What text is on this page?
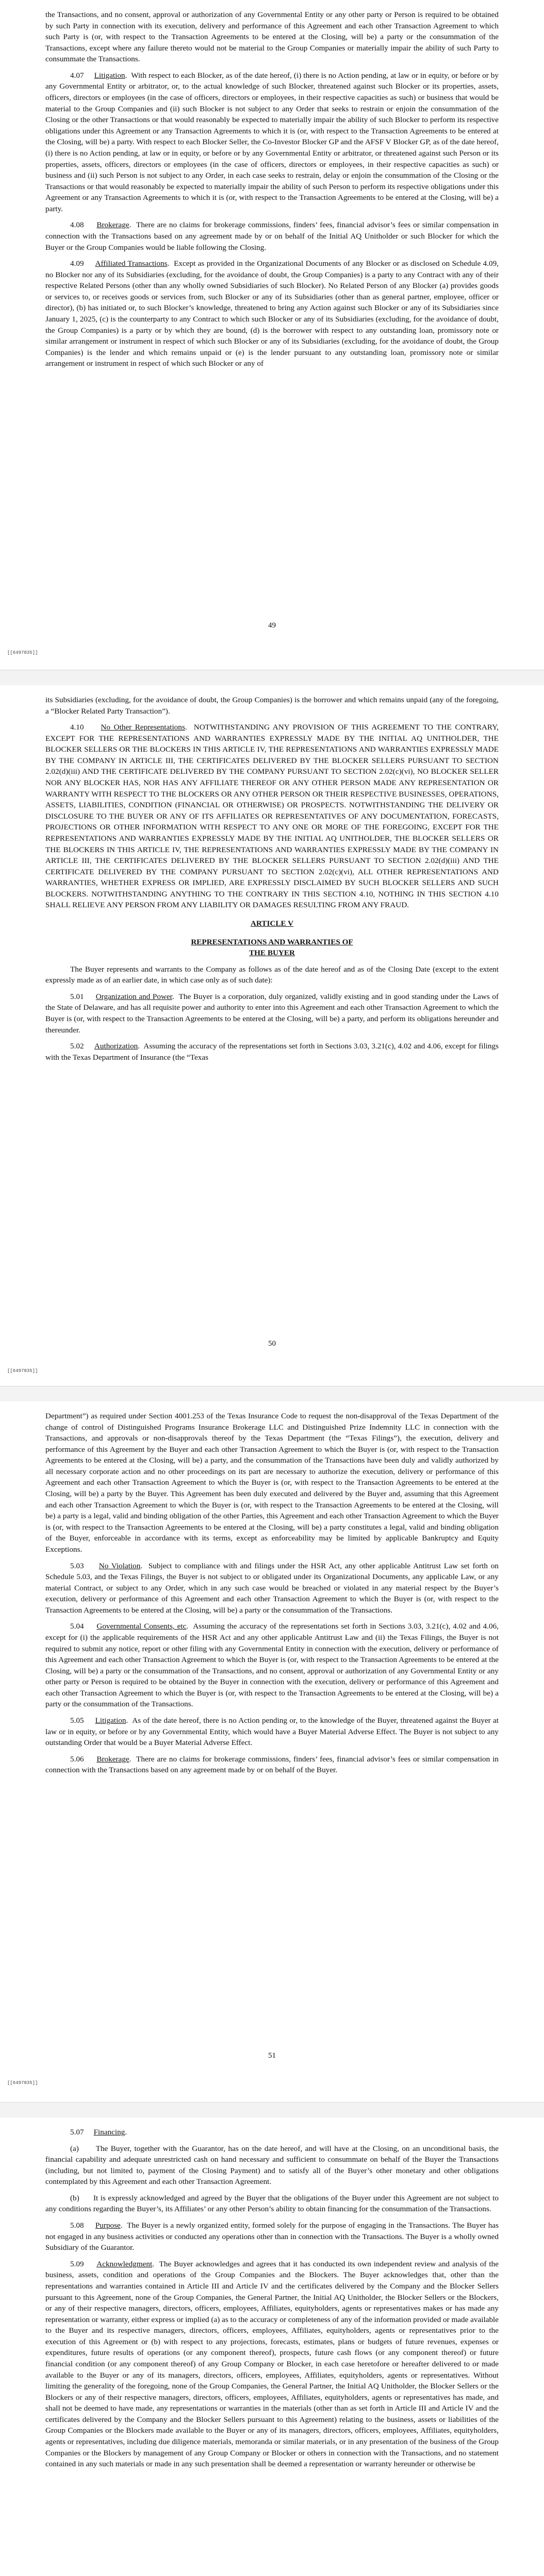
the Transactions, and no consent, approval or authorization of any Governmental Entity or any other party or Person is required to be obtained by such Party in connection with its execution, delivery and performance of this Agreement and each other Transaction Agreement to which such Party is (or, with respect to the Transaction Agreements to be entered at the Closing, will be) a party or the consummation of the Transactions, except where any failure thereto would not be material to the Group Companies or materially impair the ability of such Party to consummate the Transactions.

4.07 Litigation.  With respect to each Blocker, as of the date hereof, (i) there is no Action pending, at law or in equity, or before or by any Governmental Entity or arbitrator, or, to the actual knowledge of such Blocker, threatened against such Blocker or its properties, assets, officers, directors or employees (in the case of officers, directors or employees, in their respective capacities as such) or business that would be material to the Group Companies and (ii) such Blocker is not subject to any Order that seeks to restrain or enjoin the consummation of the Closing or the other Transactions or that would reasonably be expected to materially impair the ability of such Blocker to perform its respective obligations under this Agreement or any Transaction Agreements to which it is (or, with respect to the Transaction Agreements to be entered at the Closing, will be) a party. With respect to each Blocker Seller, the Co-Investor Blocker GP and the AFSF V Blocker GP, as of the date hereof, (i) there is no Action pending, at law or in equity, or before or by any Governmental Entity or arbitrator, or threatened against such Person or its properties, assets, officers, directors or employees (in the case of officers, directors or employees, in their respective capacities as such) or business and (ii) such Person is not subject to any Order, in each case seeks to restrain, delay or enjoin the consummation of the Closing or the Transactions or that would reasonably be expected to materially impair the ability of such Person to perform its respective obligations under this Agreement or any Transaction Agreements to which it is (or, with respect to the Transaction Agreements to be entered at the Closing, will be) a party.

4.08 Brokerage.  There are no claims for brokerage commissions, finders’ fees, financial advisor’s fees or similar compensation in connection with the Transactions based on any agreement made by or on behalf of the Initial AQ Unitholder or such Blocker for which the Buyer or the Group Companies would be liable following the Closing.

4.09 Affiliated Transactions.  Except as provided in the Organizational Documents of any Blocker or as disclosed on Schedule 4.09, no Blocker nor any of its Subsidiaries (excluding, for the avoidance of doubt, the Group Companies) is a party to any Contract with any of their respective Related Persons (other than any wholly owned Subsidiaries of such Blocker). No Related Person of any Blocker (a) provides goods or services to, or receives goods or services from, such Blocker or any of its Subsidiaries (other than as general partner, employee, officer or director), (b) has initiated or, to such Blocker’s knowledge, threatened to bring any Action against such Blocker or any of its Subsidiaries since January 1, 2025, (c) is the counterparty to any Contract to which such Blocker or any of its Subsidiaries (excluding, for the avoidance of doubt, the Group Companies) is a party or by which they are bound, (d) is the borrower with respect to any outstanding loan, promissory note or similar arrangement or instrument in respect of which such Blocker or any of its Subsidiaries (excluding, for the avoidance of doubt, the Group Companies) is the lender and which remains unpaid or (e) is the lender pursuant to any outstanding loan, promissory note or similar arrangement or instrument in respect of which such Blocker or any of

49
[[6497835]]

its Subsidiaries (excluding, for the avoidance of doubt, the Group Companies) is the borrower and which remains unpaid (any of the foregoing, a “Blocker Related Party Transaction”).

4.10 No Other Representations.  NOTWITHSTANDING ANY PROVISION OF THIS AGREEMENT TO THE CONTRARY, EXCEPT FOR THE REPRESENTATIONS AND WARRANTIES EXPRESSLY MADE BY THE INITIAL AQ UNITHOLDER, THE BLOCKER SELLERS OR THE BLOCKERS IN THIS ARTICLE IV, THE REPRESENTATIONS AND WARRANTIES EXPRESSLY MADE BY THE COMPANY IN ARTICLE III, THE CERTIFICATES DELIVERED BY THE BLOCKER SELLERS PURSUANT TO SECTION 2.02(d)(iii) AND THE CERTIFICATE DELIVERED BY THE COMPANY PURSUANT TO SECTION 2.02(c)(vi), NO BLOCKER SELLER NOR ANY BLOCKER HAS, NOR HAS ANY AFFILIATE THEREOF OR ANY OTHER PERSON MADE ANY REPRESENTATION OR WARRANTY WITH RESPECT TO THE BLOCKERS OR ANY OTHER PERSON OR THEIR RESPECTIVE BUSINESSES, OPERATIONS, ASSETS, LIABILITIES, CONDITION (FINANCIAL OR OTHERWISE) OR PROSPECTS. NOTWITHSTANDING THE DELIVERY OR DISCLOSURE TO THE BUYER OR ANY OF ITS AFFILIATES OR REPRESENTATIVES OF ANY DOCUMENTATION, FORECASTS, PROJECTIONS OR OTHER INFORMATION WITH RESPECT TO ANY ONE OR MORE OF THE FOREGOING, EXCEPT FOR THE REPRESENTATIONS AND WARRANTIES EXPRESSLY MADE BY THE INITIAL AQ UNITHOLDER, THE BLOCKER SELLERS OR THE BLOCKERS IN THIS ARTICLE IV, THE REPRESENTATIONS AND WARRANTIES EXPRESSLY MADE BY THE COMPANY IN ARTICLE III, THE CERTIFICATES DELIVERED BY THE BLOCKER SELLERS PURSUANT TO SECTION 2.02(d)(iii) AND THE CERTIFICATE DELIVERED BY THE COMPANY PURSUANT TO SECTION 2.02(c)(vi), ALL OTHER REPRESENTATIONS AND WARRANTIES, WHETHER EXPRESS OR IMPLIED, ARE EXPRESSLY DISCLAIMED BY SUCH BLOCKER SELLERS AND SUCH BLOCKERS. NOTWITHSTANDING ANYTHING TO THE CONTRARY IN THIS SECTION 4.10, NOTHING IN THIS SECTION 4.10 SHALL RELIEVE ANY PERSON FROM ANY LIABILITY OR DAMAGES RESULTING FROM ANY FRAUD.

ARTICLE V
REPRESENTATIONS AND WARRANTIES OF
THE BUYER

The Buyer represents and warrants to the Company as follows as of the date hereof and as of the Closing Date (except to the extent expressly made as of an earlier date, in which case only as of such date):

5.01 Organization and Power.  The Buyer is a corporation, duly organized, validly existing and in good standing under the Laws of the State of Delaware, and has all requisite power and authority to enter into this Agreement and each other Transaction Agreement to which the Buyer is (or, with respect to the Transaction Agreements to be entered at the Closing, will be) a party, and perform its obligations hereunder and thereunder.

5.02 Authorization.  Assuming the accuracy of the representations set forth in Sections 3.03, 3.21(c), 4.02 and 4.06, except for filings with the Texas Department of Insurance (the “Texas

50
[[6497835]]

Department”) as required under Section 4001.253 of the Texas Insurance Code to request the non-disapproval of the Texas Department of the change of control of Distinguished Programs Insurance Brokerage LLC and Distinguished Prize Indemnity LLC in connection with the Transactions, and approvals or non-disapprovals thereof by the Texas Department (the “Texas Filings”), the execution, delivery and performance of this Agreement by the Buyer and each other Transaction Agreement to which the Buyer is (or, with respect to the Transaction Agreements to be entered at the Closing, will be) a party, and the consummation of the Transactions have been duly and validly authorized by all necessary corporate action and no other proceedings on its part are necessary to authorize the execution, delivery or performance of this Agreement and each other Transaction Agreement to which the Buyer is (or, with respect to the Transaction Agreements to be entered at the Closing, will be) a party by the Buyer. This Agreement has been duly executed and delivered by the Buyer and, assuming that this Agreement and each other Transaction Agreement to which the Buyer is (or, with respect to the Transaction Agreements to be entered at the Closing, will be) a party is a legal, valid and binding obligation of the other Parties, this Agreement and each other Transaction Agreement to which the Buyer is (or, with respect to the Transaction Agreements to be entered at the Closing, will be) a party constitutes a legal, valid and binding obligation of the Buyer, enforceable in accordance with its terms, except as enforceability may be limited by applicable Bankruptcy and Equity Exceptions.

5.03 No Violation.  Subject to compliance with and filings under the HSR Act, any other applicable Antitrust Law set forth on Schedule 5.03, and the Texas Filings, the Buyer is not subject to or obligated under its Organizational Documents, any applicable Law, or any material Contract, or subject to any Order, which in any such case would be breached or violated in any material respect by the Buyer’s execution, delivery or performance of this Agreement and each other Transaction Agreement to which the Buyer is (or, with respect to the Transaction Agreements to be entered at the Closing, will be) a party or the consummation of the Transactions.

5.04 Governmental Consents, etc.  Assuming the accuracy of the representations set forth in Sections 3.03, 3.21(c), 4.02 and 4.06, except for (i) the applicable requirements of the HSR Act and any other applicable Antitrust Law and (ii) the Texas Filings, the Buyer is not required to submit any notice, report or other filing with any Governmental Entity in connection with the execution, delivery or performance of this Agreement and each other Transaction Agreement to which the Buyer is (or, with respect to the Transaction Agreements to be entered at the Closing, will be) a party or the consummation of the Transactions, and no consent, approval or authorization of any Governmental Entity or any other party or Person is required to be obtained by the Buyer in connection with the execution, delivery or performance of this Agreement and each other Transaction Agreement to which the Buyer is (or, with respect to the Transaction Agreements to be entered at the Closing, will be) a party or the consummation of the Transactions.

5.05 Litigation.  As of the date hereof, there is no Action pending or, to the knowledge of the Buyer, threatened against the Buyer at law or in equity, or before or by any Governmental Entity, which would have a Buyer Material Adverse Effect. The Buyer is not subject to any outstanding Order that would be a Buyer Material Adverse Effect.

5.06 Brokerage.  There are no claims for brokerage commissions, finders’ fees, financial advisor’s fees or similar compensation in connection with the Transactions based on any agreement made by or on behalf of the Buyer.

51
[[6497835]]

5.07 Financing.

(a) The Buyer, together with the Guarantor, has on the date hereof, and will have at the Closing, on an unconditional basis, the financial capability and adequate unrestricted cash on hand necessary and sufficient to consummate on behalf of the Buyer the Transactions (including, but not limited to, payment of the Closing Payment) and to satisfy all of the Buyer’s other monetary and other obligations contemplated by this Agreement and each other Transaction Agreement.

(b) It is expressly acknowledged and agreed by the Buyer that the obligations of the Buyer under this Agreement are not subject to any conditions regarding the Buyer’s, its Affiliates’ or any other Person’s ability to obtain financing for the consummation of the Transactions.

5.08 Purpose.  The Buyer is a newly organized entity, formed solely for the purpose of engaging in the Transactions. The Buyer has not engaged in any business activities or conducted any operations other than in connection with the Transactions. The Buyer is a wholly owned Subsidiary of the Guarantor.

5.09 Acknowledgment.  The Buyer acknowledges and agrees that it has conducted its own independent review and analysis of the business, assets, condition and operations of the Group Companies and the Blockers. The Buyer acknowledges that, other than the representations and warranties contained in Article III and Article IV and the certificates delivered by the Company and the Blocker Sellers pursuant to this Agreement, none of the Group Companies, the General Partner, the Initial AQ Unitholder, the Blocker Sellers or the Blockers, or any of their respective managers, directors, officers, employees, Affiliates, equityholders, agents or representatives makes or has made any representation or warranty, either express or implied (a) as to the accuracy or completeness of any of the information provided or made available to the Buyer and its respective managers, directors, officers, employees, Affiliates, equityholders, agents or representatives prior to the execution of this Agreement or (b) with respect to any projections, forecasts, estimates, plans or budgets of future revenues, expenses or expenditures, future results of operations (or any component thereof), prospects, future cash flows (or any component thereof) or future financial condition (or any component thereof) of any Group Company or Blocker, in each case heretofore or hereafter delivered to or made available to the Buyer or any of its managers, directors, officers, employees, Affiliates, equityholders, agents or representatives. Without limiting the generality of the foregoing, none of the Group Companies, the General Partner, the Initial AQ Unitholder, the Blocker Sellers or the Blockers or any of their respective managers, directors, officers, employees, Affiliates, equityholders, agents or representatives has made, and shall not be deemed to have made, any representations or warranties in the materials (other than as set forth in Article III and Article IV and the certificates delivered by the Company and the Blocker Sellers pursuant to this Agreement) relating to the business, assets or liabilities of the Group Companies or the Blockers made available to the Buyer or any of its managers, directors, officers, employees, Affiliates, equityholders, agents or representatives, including due diligence materials, memoranda or similar materials, or in any presentation of the business of the Group Companies or the Blockers by management of any Group Company or Blocker or others in connection with the Transactions, and no statement contained in any such materials or made in any such presentation shall be deemed a representation or warranty hereunder or otherwise be
